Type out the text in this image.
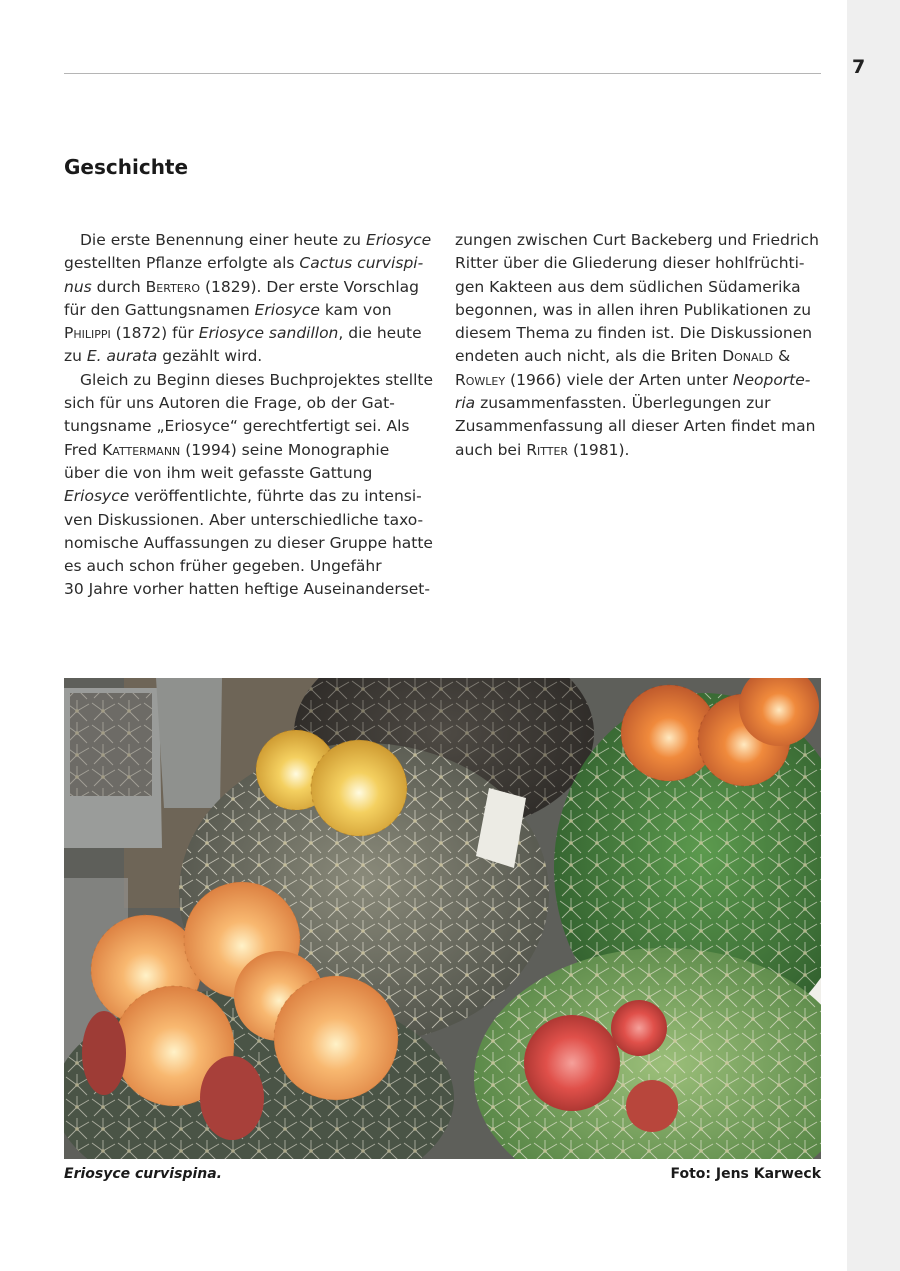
7
Geschichte

Die erste Benennung einer heute zu Eriosyce
gestellten Pflanze erfolgte als Cactus curvispi-
nus durch Bertero (1829). Der erste Vorschlag
für den Gattungsnamen Eriosyce kam von
Philippi (1872) für Eriosyce sandillon, die heute
zu E. aurata gezählt wird.

Gleich zu Beginn dieses Buchprojektes stellte
sich für uns Autoren die Frage, ob der Gat-
tungsname „Eriosyce“ gerechtfertigt sei. Als
Fred Kattermann (1994) seine Monographie
über die von ihm weit gefasste Gattung
Eriosyce veröffentlichte, führte das zu intensi-
ven Diskussionen. Aber unterschiedliche taxo-
nomische Auffassungen zu dieser Gruppe hatte
es auch schon früher gegeben. Ungefähr
30 Jahre vorher hatten heftige Auseinanderset-

zungen zwischen Curt Backeberg und Friedrich
Ritter über die Gliederung dieser hohlfrüchti-
gen Kakteen aus dem südlichen Südamerika
begonnen, was in allen ihren Publikationen zu
diesem Thema zu finden ist. Die Diskussionen
endeten auch nicht, als die Briten Donald &
Rowley (1966) viele der Arten unter Neoporte-
ria zusammenfassten. Überlegungen zur
Zusammenfassung all dieser Arten findet man
auch bei Ritter (1981).

Eriosyce curvispina.	Foto: Jens Karweck
